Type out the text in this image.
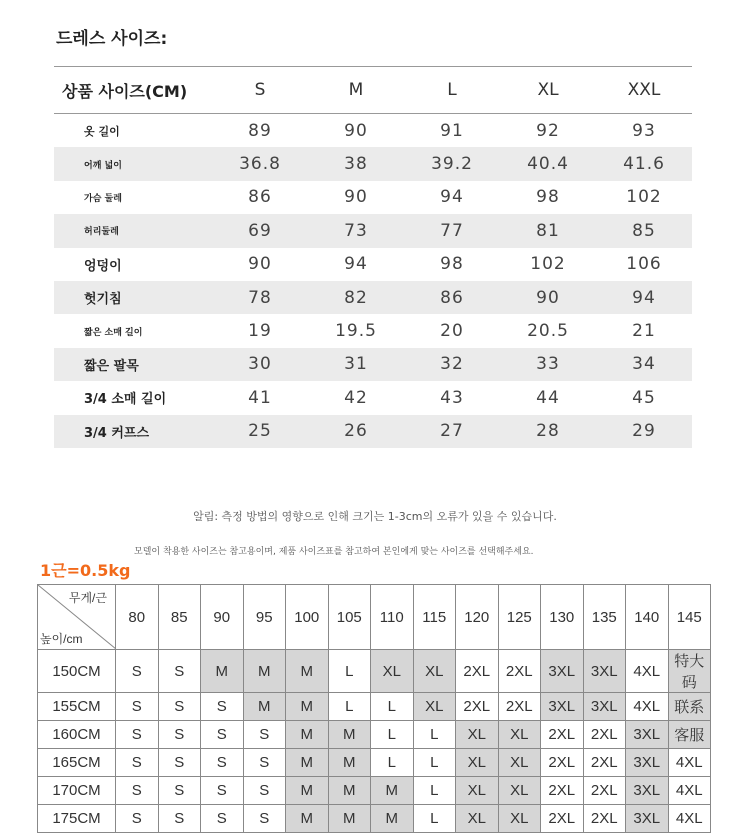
드레스 사이즈:
상품 사이즈(CM)	S	M	L	XL	XXL
옷 길이	89	90	91	92	93
어깨 넓이	36.8	38	39.2	40.4	41.6
가슴 둘레	86	90	94	98	102
허리둘레	69	73	77	81	85
엉덩이	90	94	98	102	106
헛기침	78	82	86	90	94
짧은 소매 길이	19	19.5	20	20.5	21
짧은 팔목	30	31	32	33	34
3/4 소매 길이	41	42	43	44	45
3/4 커프스	25	26	27	28	29
알림: 측정 방법의 영향으로 인해 크기는 1-3cm의 오류가 있을 수 있습니다.
모델이 착용한 사이즈는 참고용이며, 제품 사이즈표를 참고하여 본인에게 맞는 사이즈를 선택해주세요.
1근=0.5kg
무게/근
높이/cm	80	85	90	95	100	105	110	115	120	125	130	135	140	145
150CM	S	S	M	M	M	L	XL	XL	2XL	2XL	3XL	3XL	4XL	特大码
155CM	S	S	S	M	M	L	L	XL	2XL	2XL	3XL	3XL	4XL	联系
160CM	S	S	S	S	M	M	L	L	XL	XL	2XL	2XL	3XL	客服
165CM	S	S	S	S	M	M	L	L	XL	XL	2XL	2XL	3XL	4XL
170CM	S	S	S	S	M	M	M	L	XL	XL	2XL	2XL	3XL	4XL
175CM	S	S	S	S	M	M	M	L	XL	XL	2XL	2XL	3XL	4XL
